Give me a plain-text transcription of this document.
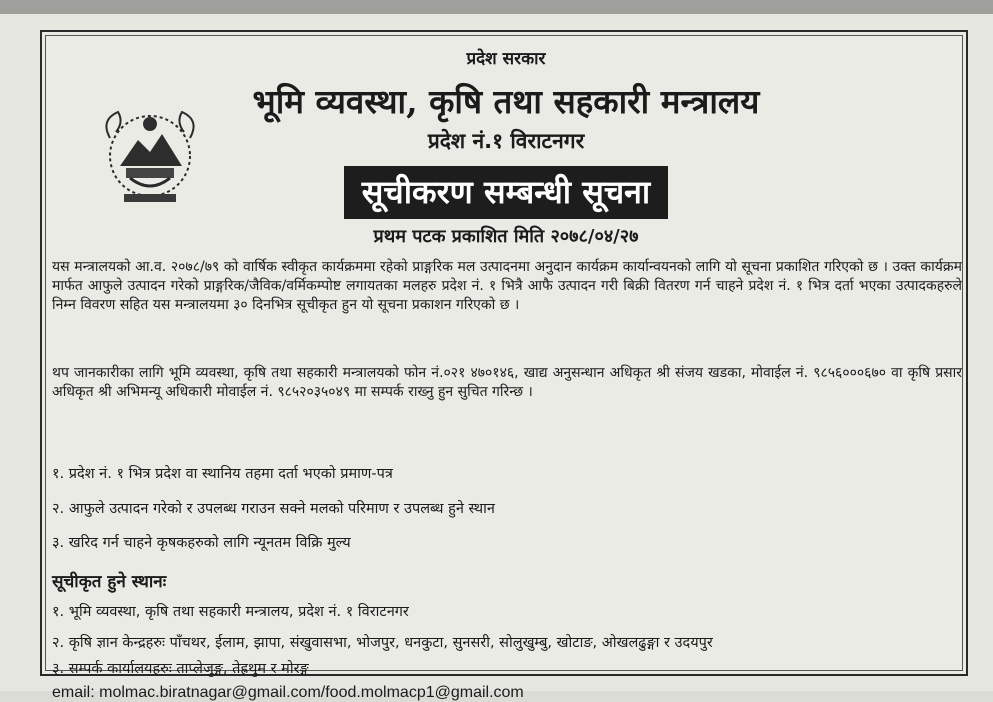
प्रदेश सरकार
भूमि व्यवस्था, कृषि तथा सहकारी मन्त्रालय
प्रदेश नं.१ विराटनगर
सूचीकरण सम्बन्धी सूचना
प्रथम पटक प्रकाशित मिति २०७८/०४/२७
यस मन्त्रालयको आ.व. २०७८/७९ को वार्षिक स्वीकृत कार्यक्रममा रहेको प्राङ्गरिक मल उत्पादनमा अनुदान कार्यक्रम कार्यान्वयनको लागि यो सूचना प्रकाशित गरिएको छ । उक्त कार्यक्रम मार्फत आफुले उत्पादन गरेको प्राङ्गरिक/जैविक/वर्मिकम्पोष्ट लगायतका मलहरु प्रदेश नं. १ भित्रै आफै उत्पादन गरी बिक्री वितरण गर्न चाहने प्रदेश नं. १ भित्र दर्ता भएका उत्पादकहरुले निम्न विवरण सहित यस मन्त्रालयमा ३० दिनभित्र सूचीकृत हुन यो सूचना प्रकाशन गरिएको छ ।
थप जानकारीका लागि भूमि व्यवस्था, कृषि तथा सहकारी मन्त्रालयको फोन नं.०२१ ४७०१४६, खाद्य अनुसन्धान अधिकृत श्री संजय खडका, मोवाईल नं. ९८५६०००६७० वा कृषि प्रसार अधिकृत श्री अभिमन्यू अधिकारी मोवाईल नं. ९८५२०३५०४९ मा सम्पर्क राख्नु हुन सुचित गरिन्छ ।
१. प्रदेश नं. १ भित्र प्रदेश वा स्थानिय तहमा दर्ता भएको प्रमाण-पत्र
२. आफुले उत्पादन गरेको र उपलब्ध गराउन सक्ने मलको परिमाण र उपलब्ध हुने स्थान
३. खरिद गर्न चाहने कृषकहरुको लागि न्यूनतम विक्रि मुल्य
सूचीकृत हुने स्थानः
१. भूमि व्यवस्था, कृषि तथा सहकारी मन्त्रालय, प्रदेश नं. १ विराटनगर
२. कृषि ज्ञान केन्द्रहरुः पाँचथर, ईलाम, झापा, संखुवासभा, भोजपुर, धनकुटा, सुनसरी, सोलुखुम्बु, खोटाङ, ओखलढुङ्गा र उदयपुर
३. सम्पर्क कार्यालयहरुः ताप्लेजुङ्ग, तेह्रथुम र मोरङ्ग
email: molmac.biratnagar@gmail.com/food.molmacp1@gmail.com
